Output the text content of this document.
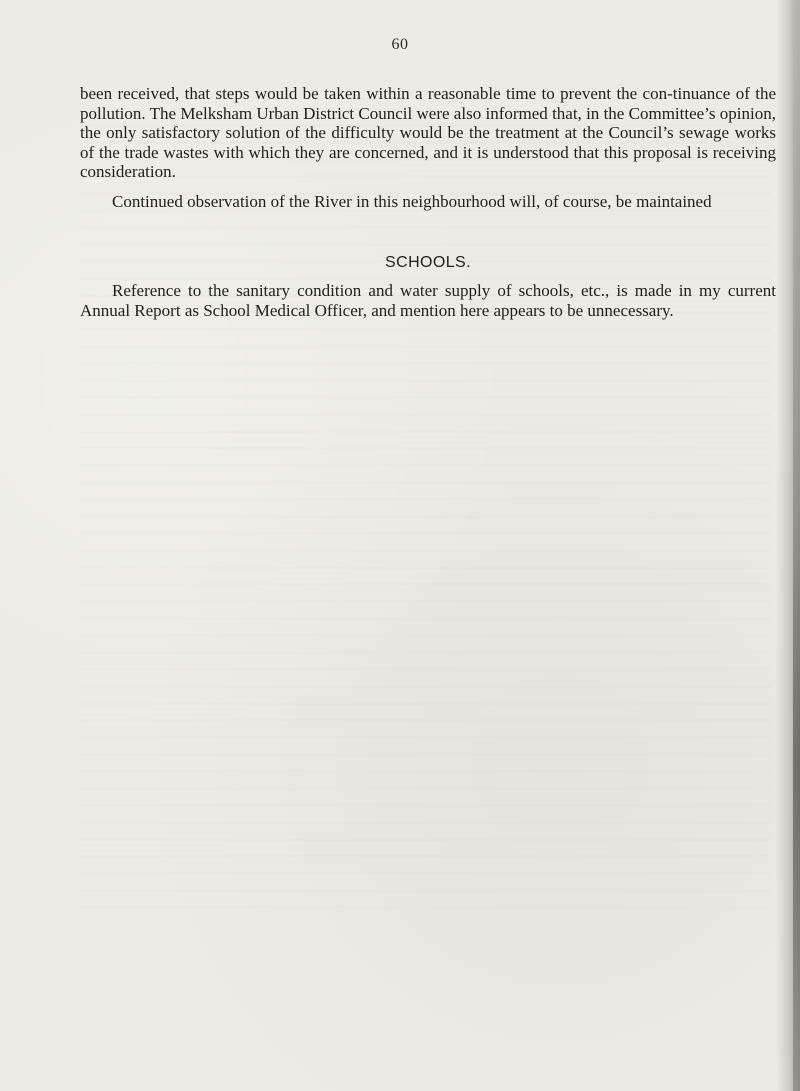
60

been received, that steps would be taken within a reasonable time to prevent the con-tinuance of the pollution. The Melksham Urban District Council were also informed that, in the Committee’s opinion, the only satisfactory solution of the difficulty would be the treatment at the Council’s sewage works of the trade wastes with which they are concerned, and it is understood that this proposal is receiving consideration.

Continued observation of the River in this neighbourhood will, of course, be maintained

SCHOOLS.

Reference to the sanitary condition and water supply of schools, etc., is made in my current Annual Report as School Medical Officer, and mention here appears to be unnecessary.
